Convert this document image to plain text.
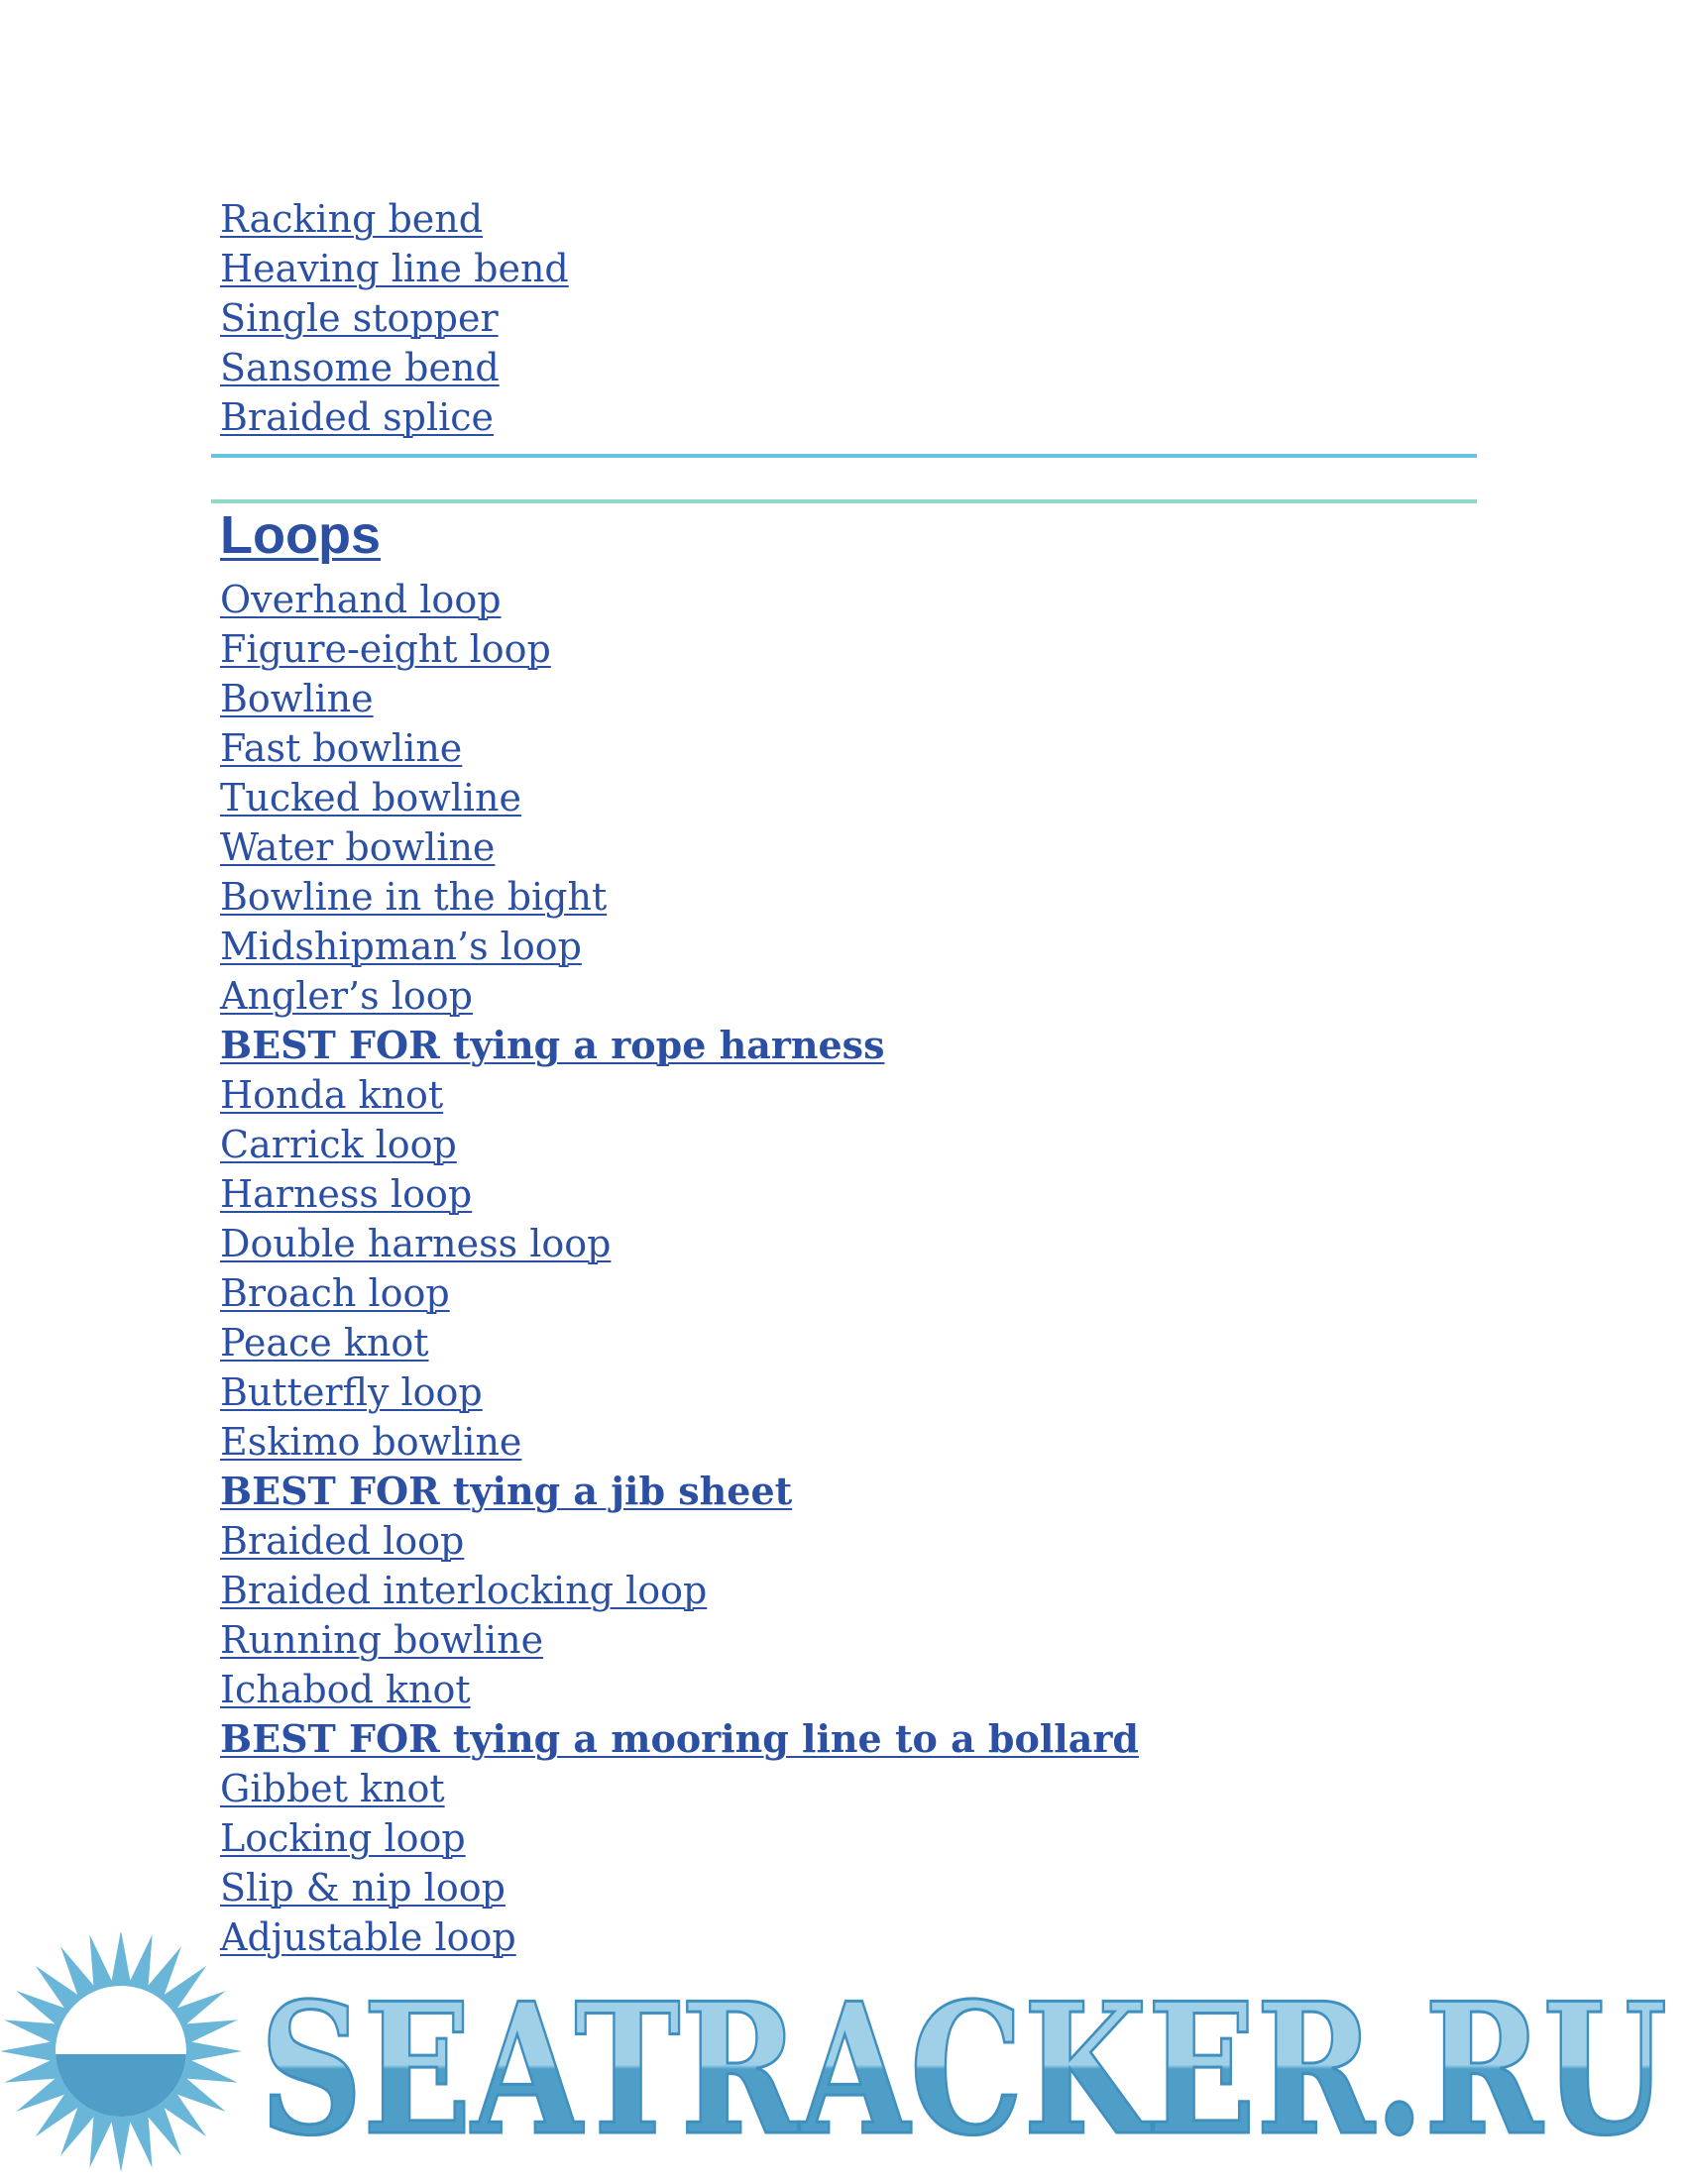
Racking bend
Heaving line bend
Single stopper
Sansome bend
Braided splice
Loops
Overhand loop
Figure-eight loop
Bowline
Fast bowline
Tucked bowline
Water bowline
Bowline in the bight
Midshipman’s loop
Angler’s loop
BEST FOR tying a rope harness
Honda knot
Carrick loop
Harness loop
Double harness loop
Broach loop
Peace knot
Butterfly loop
Eskimo bowline
BEST FOR tying a jib sheet
Braided loop
Braided interlocking loop
Running bowline
Ichabod knot
BEST FOR tying a mooring line to a bollard
Gibbet knot
Locking loop
Slip & nip loop
Adjustable loop
SEATRACKER.RU
